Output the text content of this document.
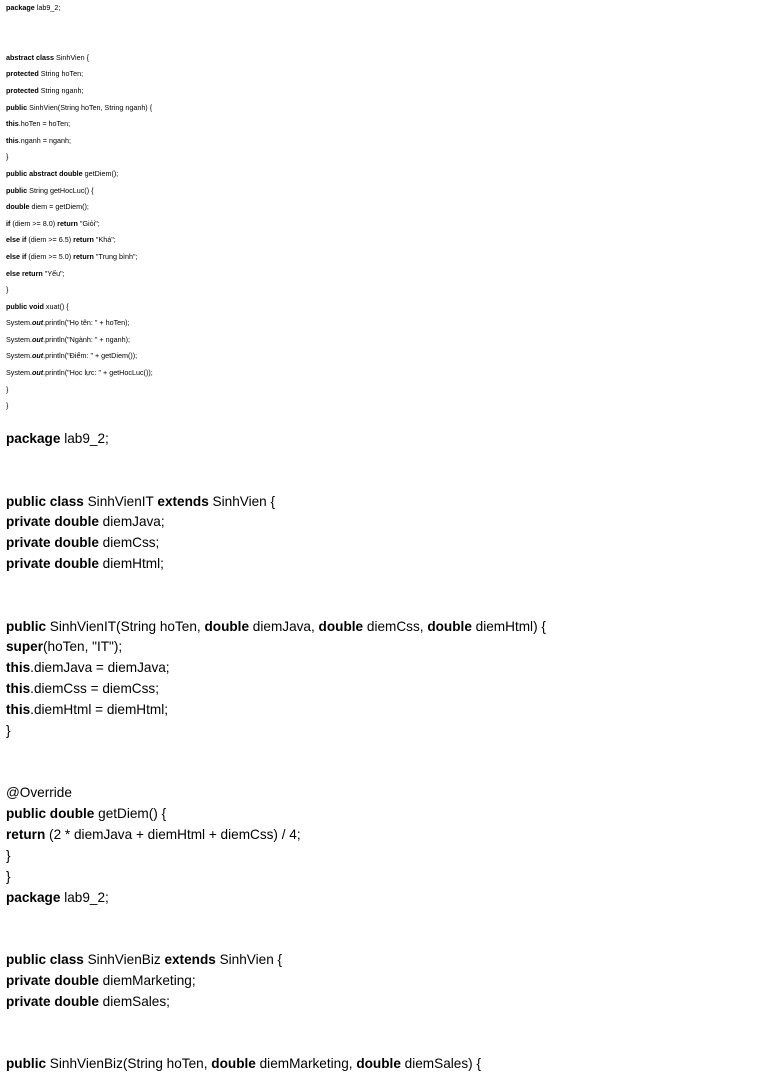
package lab9_2;

abstract class SinhVien {
protected String hoTen;
protected String nganh;
public SinhVien(String hoTen, String nganh) {
this.hoTen = hoTen;
this.nganh = nganh;
}
public abstract double getDiem();
public String getHocLuc() {
double diem = getDiem();
if (diem >= 8.0) return "Giỏi";
else if (diem >= 6.5) return "Khá";
else if (diem >= 5.0) return "Trung bình";
else return "Yếu";
}
public void xuat() {
System.out.println("Họ tên: " + hoTen);
System.out.println("Ngành: " + nganh);
System.out.println("Điểm: " + getDiem());
System.out.println("Học lực: " + getHocLuc());
}
}
package lab9_2;

public class SinhVienIT extends SinhVien {
private double diemJava;
private double diemCss;
private double diemHtml;

public SinhVienIT(String hoTen, double diemJava, double diemCss, double diemHtml) {
super(hoTen, "IT");
this.diemJava = diemJava;
this.diemCss = diemCss;
this.diemHtml = diemHtml;
}

@Override
public double getDiem() {
return (2 * diemJava + diemHtml + diemCss) / 4;
}
}
package lab9_2;

public class SinhVienBiz extends SinhVien {
private double diemMarketing;
private double diemSales;

public SinhVienBiz(String hoTen, double diemMarketing, double diemSales) {
